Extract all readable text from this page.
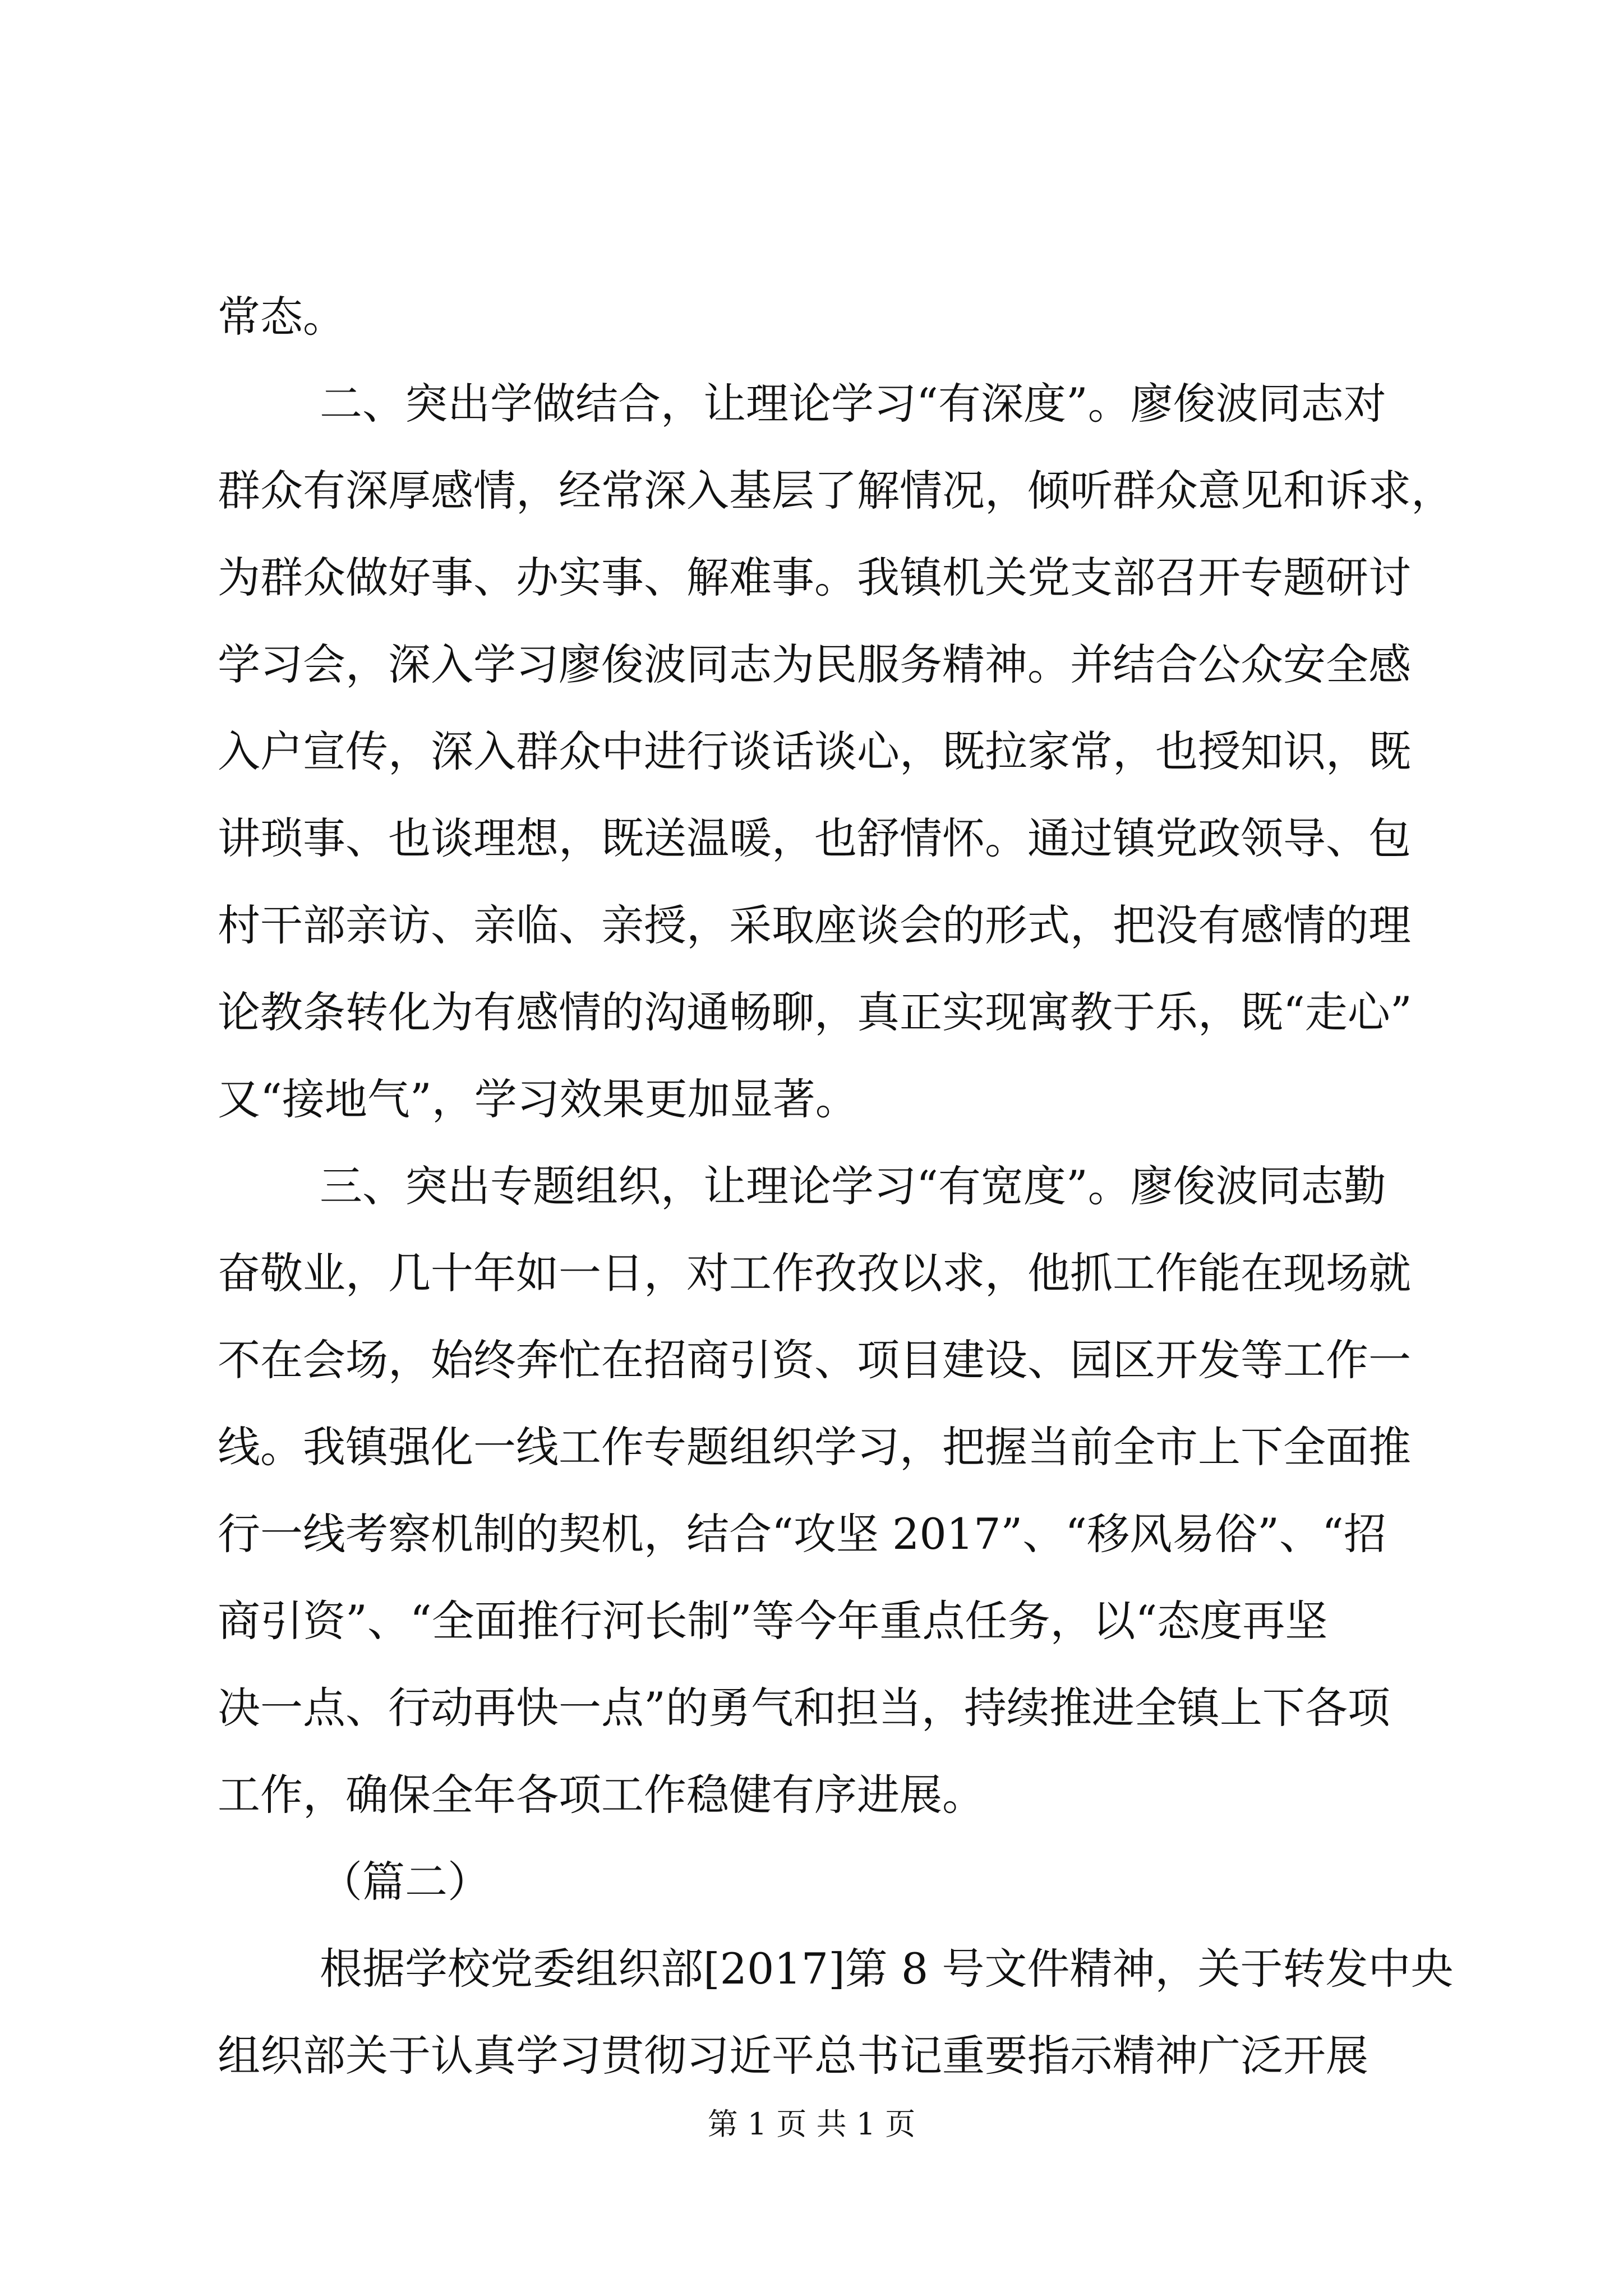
常态。
二、突出学做结合，让理论学习“有深度”。廖俊波同志对
群众有深厚感情，经常深入基层了解情况，倾听群众意见和诉求，
为群众做好事、办实事、解难事。我镇机关党支部召开专题研讨
学习会，深入学习廖俊波同志为民服务精神。并结合公众安全感
入户宣传，深入群众中进行谈话谈心，既拉家常，也授知识，既
讲琐事、也谈理想，既送温暖，也舒情怀。通过镇党政领导、包
村干部亲访、亲临、亲授，采取座谈会的形式，把没有感情的理
论教条转化为有感情的沟通畅聊，真正实现寓教于乐，既“走心”
又“接地气”，学习效果更加显著。
三、突出专题组织，让理论学习“有宽度”。廖俊波同志勤
奋敬业，几十年如一日，对工作孜孜以求，他抓工作能在现场就
不在会场，始终奔忙在招商引资、项目建设、园区开发等工作一
线。我镇强化一线工作专题组织学习，把握当前全市上下全面推
行一线考察机制的契机，结合“攻坚 2017”、“移风易俗”、“招
商引资”、“全面推行河长制”等今年重点任务，以“态度再坚
决一点、行动再快一点”的勇气和担当，持续推进全镇上下各项
工作，确保全年各项工作稳健有序进展。
（篇二）
根据学校党委组织部[2017]第 8 号文件精神，关于转发中央
组织部关于认真学习贯彻习近平总书记重要指示精神广泛开展
第 1 页 共 1 页
